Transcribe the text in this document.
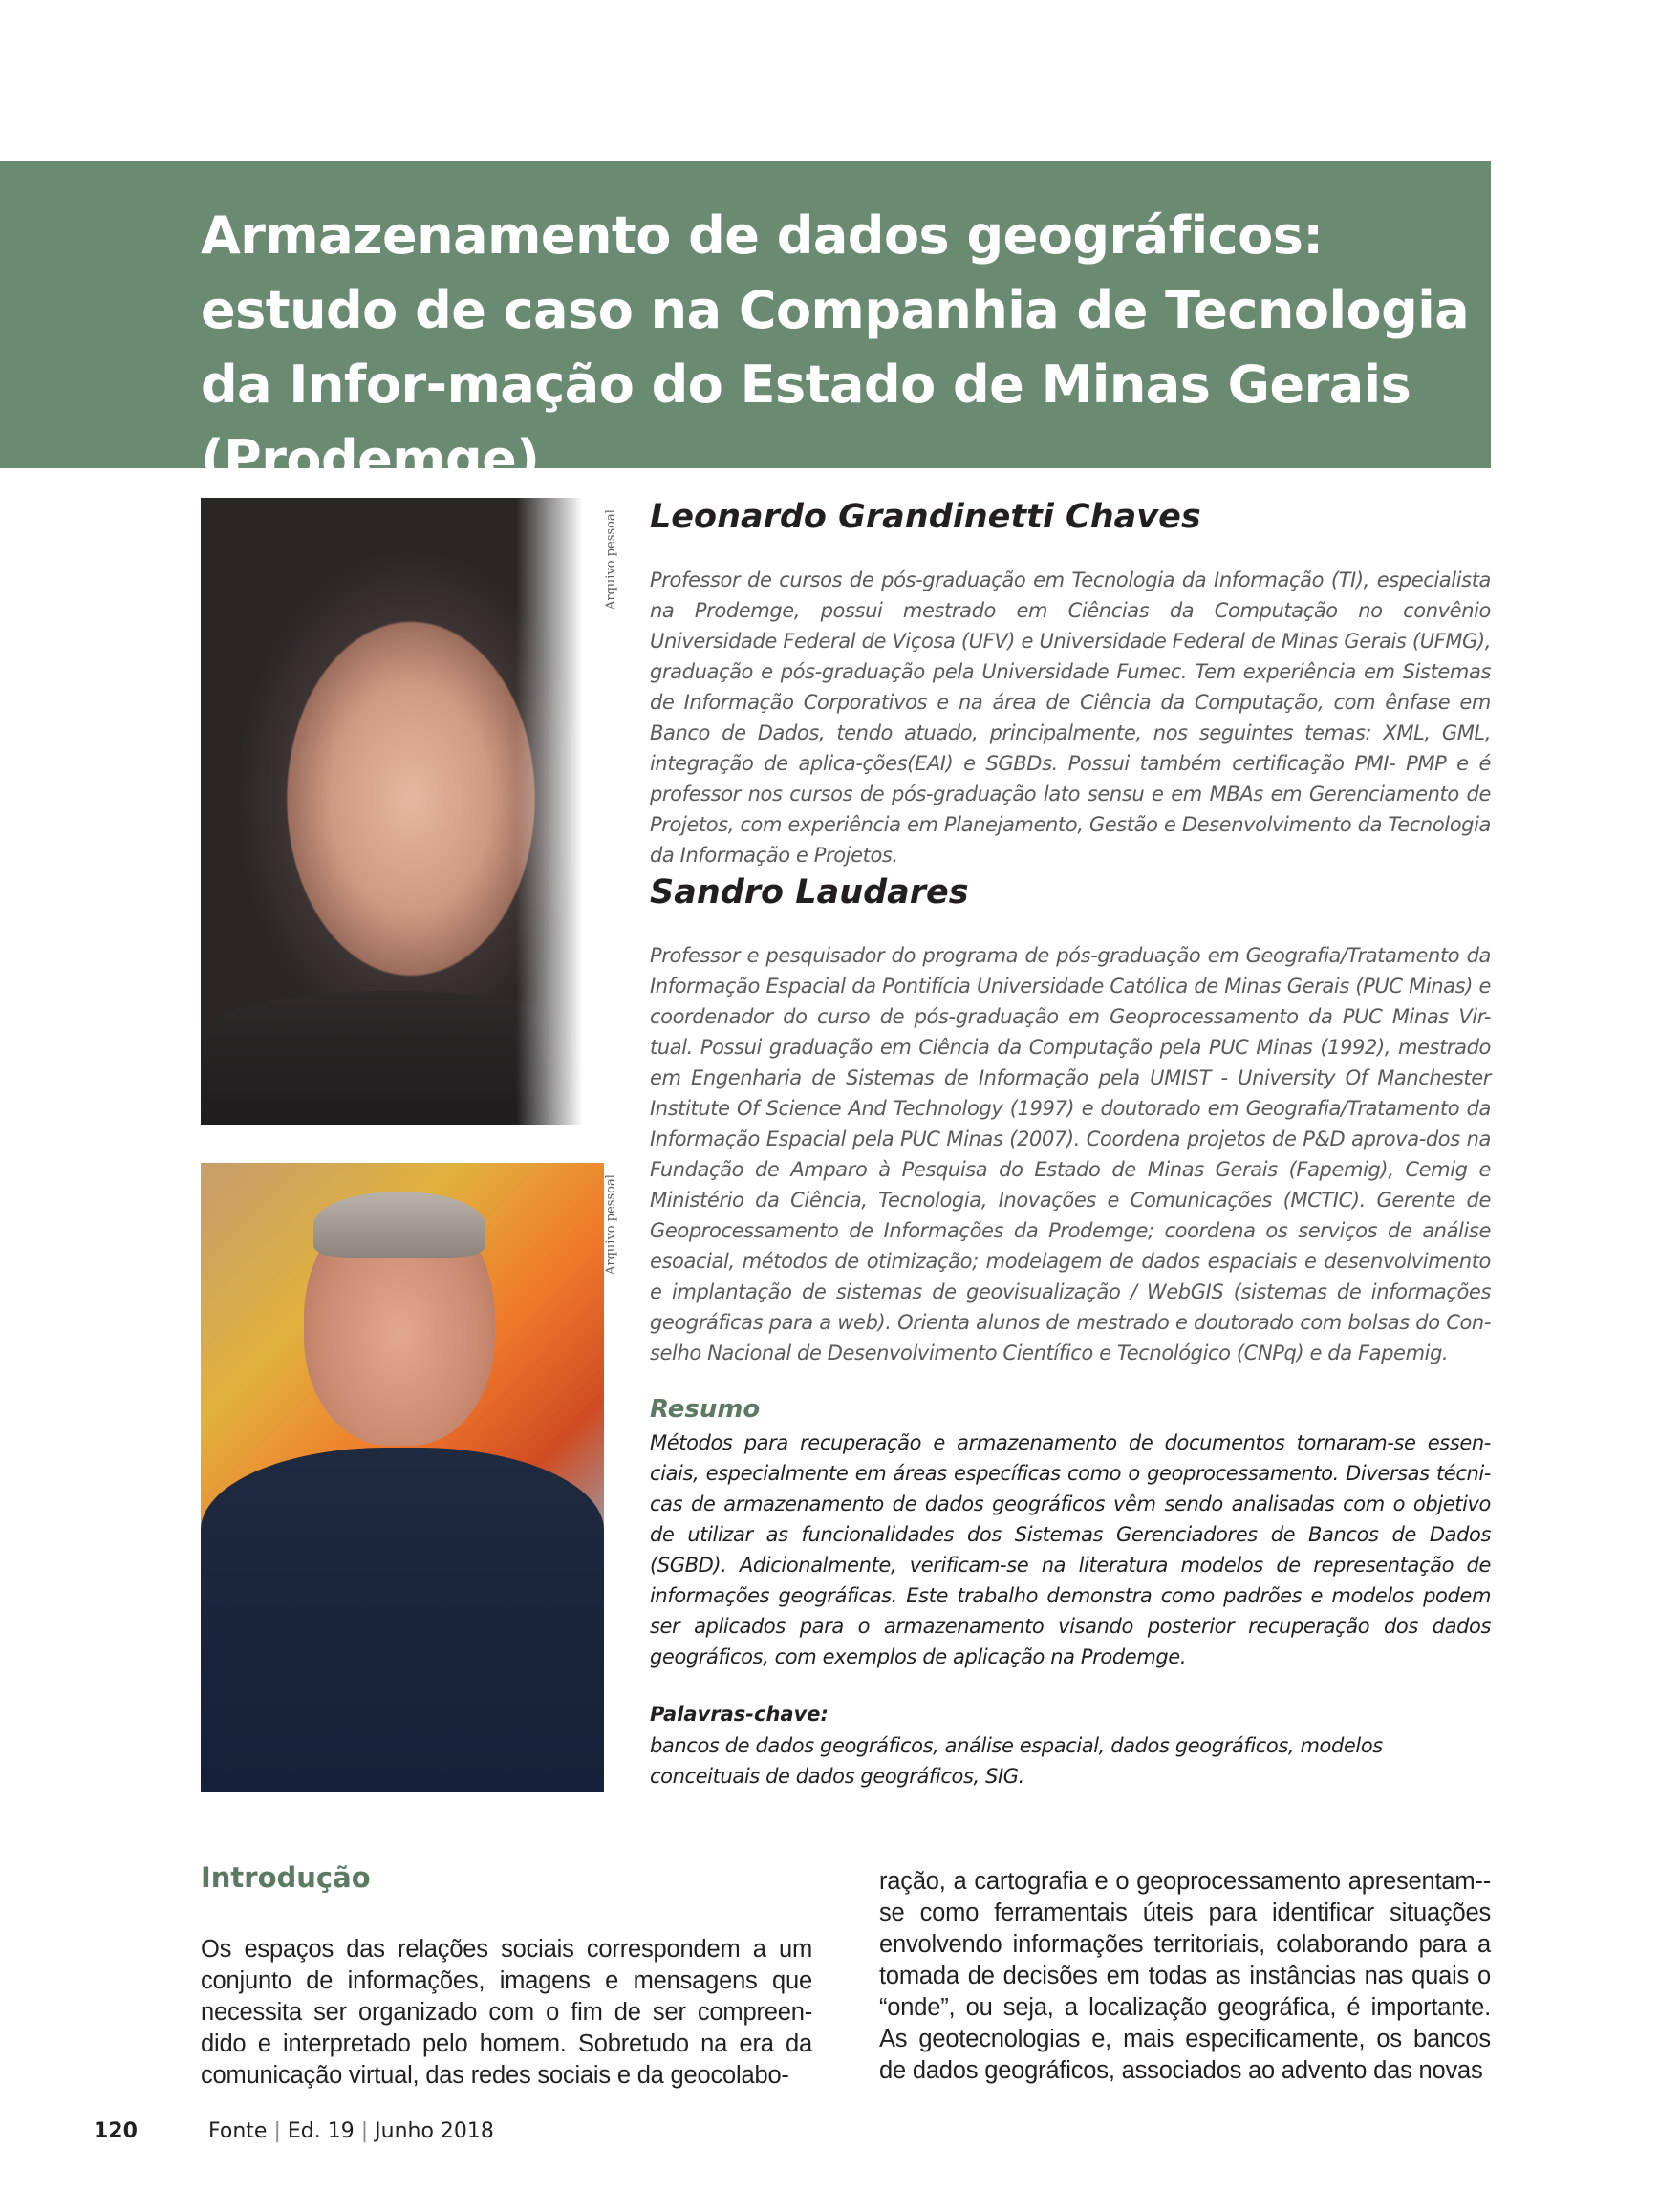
Armazenamento de dados geográficos: estudo de caso na Companhia de Tecnologia da Infor-mação do Estado de Minas Gerais (Prodemge)
Arquivo pessoal
Arquivo pessoal
Leonardo Grandinetti Chaves

Professor de cursos de pós-graduação em Tecnologia da Informação (TI), especialista na Prodemge, possui mestrado em Ciências da Computação no convênio Universidade Federal de Viçosa (UFV) e Universidade Federal de Minas Gerais (UFMG), graduação e pós-graduação pela Universidade Fumec. Tem experiência em Sistemas de Informação Corporativos e na área de Ciência da Computação, com ênfase em Banco de Dados, tendo atuado, principalmente, nos seguintes temas: XML, GML, integração de aplica-ções(EAI) e SGBDs. Possui também certificação PMI- PMP e é professor nos cursos de pós-graduação lato sensu e em MBAs em Gerenciamento de Projetos, com experiência em Planejamento, Gestão e Desenvolvimento da Tecnologia da Informação e Projetos.

Sandro Laudares

Professor e pesquisador do programa de pós-graduação em Geografia/Tratamento da Informação Espacial da Pontifícia Universidade Católica de Minas Gerais (PUC Minas) e coordenador do curso de pós-graduação em Geoprocessamento da PUC Minas Vir-tual. Possui graduação em Ciência da Computação pela PUC Minas (1992), mestrado em Engenharia de Sistemas de Informação pela UMIST - University Of Manchester Institute Of Science And Technology (1997) e doutorado em Geografia/Tratamento da Informação Espacial pela PUC Minas (2007). Coordena projetos de P&D aprova-dos na Fundação de Amparo à Pesquisa do Estado de Minas Gerais (Fapemig), Cemig e Ministério da Ciência, Tecnologia, Inovações e Comunicações (MCTIC). Gerente de Geoprocessamento de Informações da Prodemge; coordena os serviços de análise esoacial, métodos de otimização; modelagem de dados espaciais e desenvolvimento e implantação de sistemas de geovisualização / WebGIS (sistemas de informações geográficas para a web). Orienta alunos de mestrado e doutorado com bolsas do Con-selho Nacional de Desenvolvimento Científico e Tecnológico (CNPq) e da Fapemig.

Resumo

Métodos para recuperação e armazenamento de documentos tornaram-se essen-ciais, especialmente em áreas específicas como o geoprocessamento. Diversas técni-cas de armazenamento de dados geográficos vêm sendo analisadas com o objetivo de utilizar as funcionalidades dos Sistemas Gerenciadores de Bancos de Dados (SGBD). Adicionalmente, verificam-se na literatura modelos de representação de informações geográficas. Este trabalho demonstra como padrões e modelos podem ser aplicados para o armazenamento visando posterior recuperação dos dados geográficos, com exemplos de aplicação na Prodemge.

Palavras-chave:

bancos de dados geográficos, análise espacial, dados geográficos, modelos conceituais de dados geográficos, SIG.

Introdução

Os espaços das relações sociais correspondem a um conjunto de informações, imagens e mensagens que necessita ser organizado com o fim de ser compreen-dido e interpretado pelo homem. Sobretudo na era da comunicação virtual, das redes sociais e da geocolabo-

ração, a cartografia e o geoprocessamento apresentam--se como ferramentais úteis para identificar situações envolvendo informações territoriais, colaborando para a tomada de decisões em todas as instâncias nas quais o “onde”, ou seja, a localização geográfica, é importante. As geotecnologias e, mais especificamente, os bancos de dados geográficos, associados ao advento das novas

120	Fonte | Ed. 19 | Junho 2018
